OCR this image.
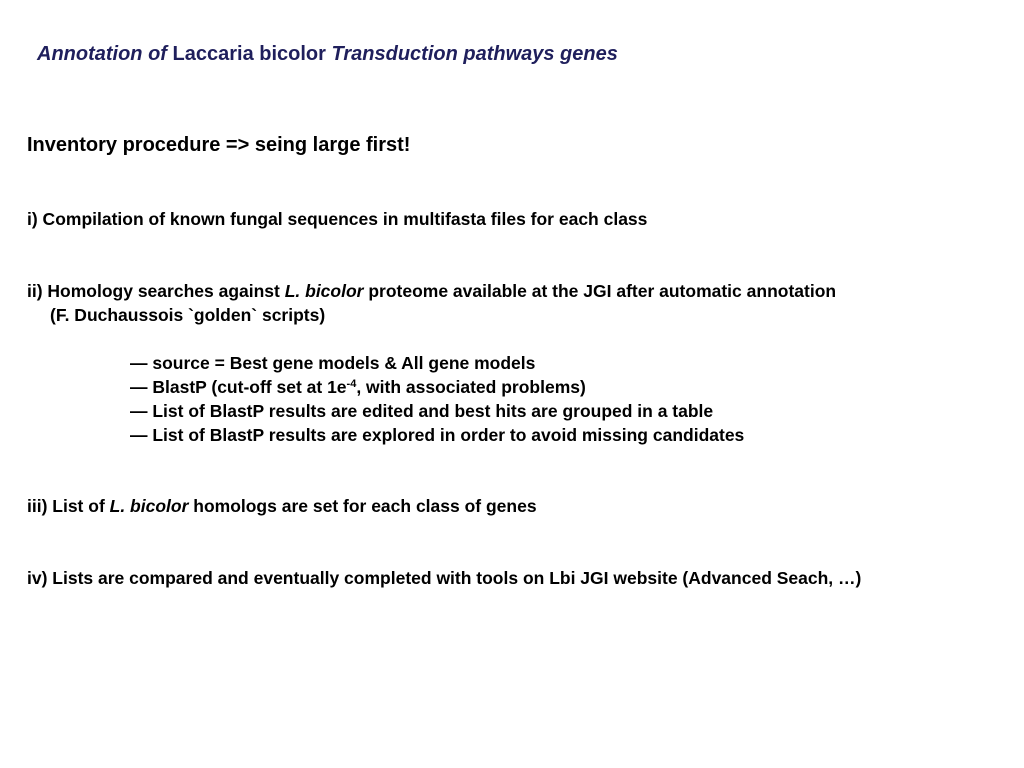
Annotation of Laccaria bicolor Transduction pathways genes
Inventory procedure => seing large first!
i) Compilation of known fungal sequences in multifasta files for each class
ii) Homology searches against L. bicolor proteome available at the JGI after automatic annotation
(F. Duchaussois `golden` scripts)
— source = Best gene models & All gene models
— BlastP (cut-off set at $1e^{-4}$, with associated problems)
— List of BlastP results are edited and best hits are grouped in a table
— List of BlastP results are explored in order to avoid missing candidates
iii) List of L. bicolor homologs are set for each class of genes
iv) Lists are compared and eventually completed with tools on Lbi JGI website (Advanced Seach, …)
